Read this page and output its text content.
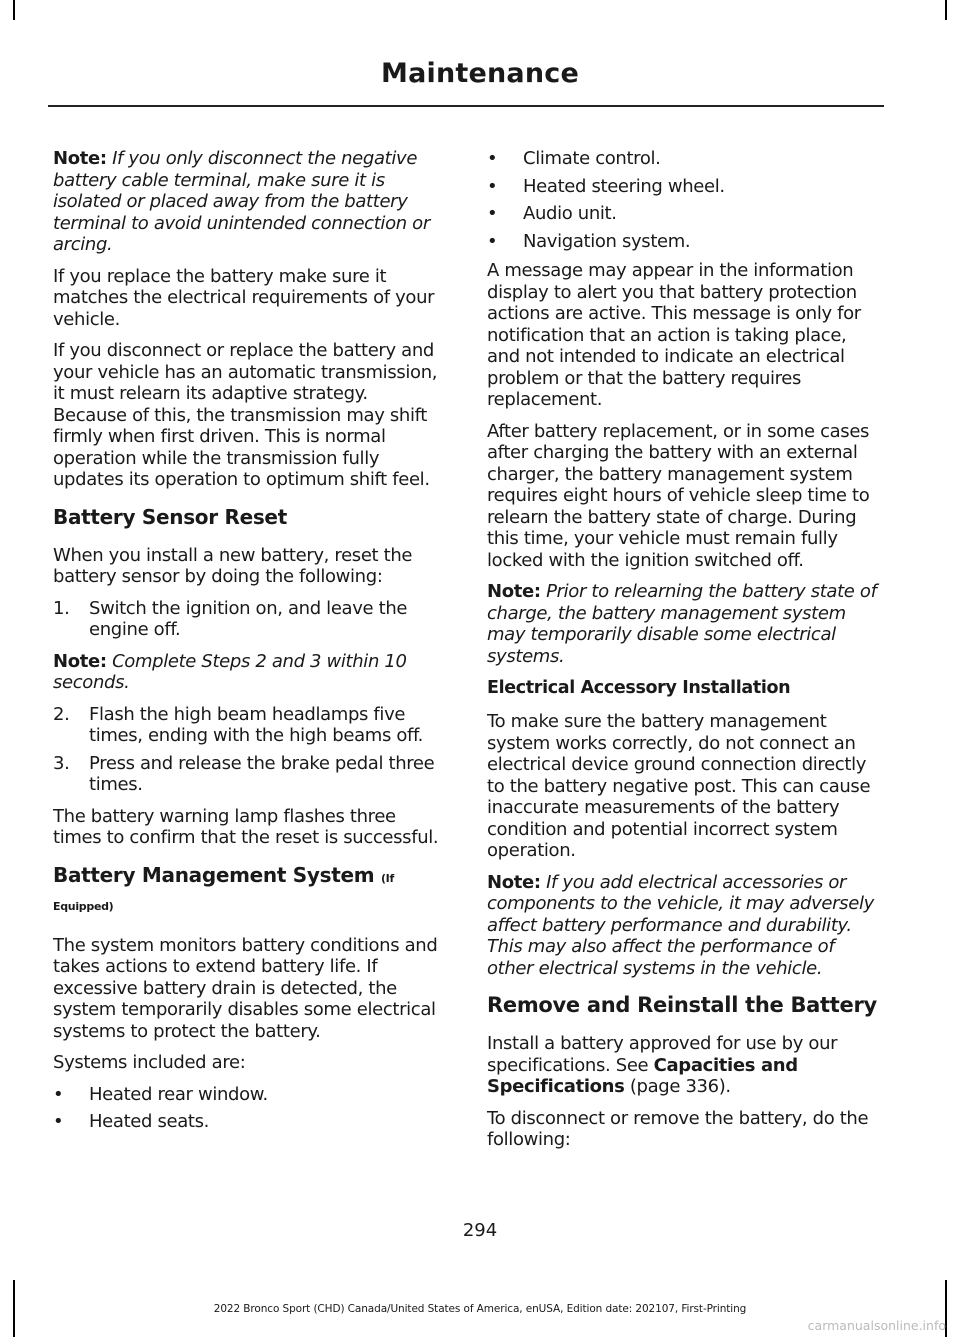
Maintenance

Note: If you only disconnect the negative battery cable terminal, make sure it is isolated or placed away from the battery terminal to avoid unintended connection or arcing.

If you replace the battery make sure it matches the electrical requirements of your vehicle.

If you disconnect or replace the battery and your vehicle has an automatic transmission, it must relearn its adaptive strategy. Because of this, the transmission may shift firmly when first driven. This is normal operation while the transmission fully updates its operation to optimum shift feel.

Battery Sensor Reset

When you install a new battery, reset the battery sensor by doing the following:

1. Switch the ignition on, and leave the engine off.

Note: Complete Steps 2 and 3 within 10 seconds.

2. Flash the high beam headlamps five times, ending with the high beams off.
3. Press and release the brake pedal three times.

The battery warning lamp flashes three times to confirm that the reset is successful.

Battery Management System (If Equipped)

The system monitors battery conditions and takes actions to extend battery life. If excessive battery drain is detected, the system temporarily disables some electrical systems to protect the battery.

Systems included are:

• Heated rear window.
• Heated seats.
• Climate control.
• Heated steering wheel.
• Audio unit.
• Navigation system.

A message may appear in the information display to alert you that battery protection actions are active. This message is only for notification that an action is taking place, and not intended to indicate an electrical problem or that the battery requires replacement.

After battery replacement, or in some cases after charging the battery with an external charger, the battery management system requires eight hours of vehicle sleep time to relearn the battery state of charge. During this time, your vehicle must remain fully locked with the ignition switched off.

Note: Prior to relearning the battery state of charge, the battery management system may temporarily disable some electrical systems.

Electrical Accessory Installation

To make sure the battery management system works correctly, do not connect an electrical device ground connection directly to the battery negative post. This can cause inaccurate measurements of the battery condition and potential incorrect system operation.

Note: If you add electrical accessories or components to the vehicle, it may adversely affect battery performance and durability. This may also affect the performance of other electrical systems in the vehicle.

Remove and Reinstall the Battery

Install a battery approved for use by our specifications. See Capacities and Specifications (page 336).

To disconnect or remove the battery, do the following:

294
2022 Bronco Sport (CHD) Canada/United States of America, enUSA, Edition date: 202107, First-Printing
carmanualsonline.info
